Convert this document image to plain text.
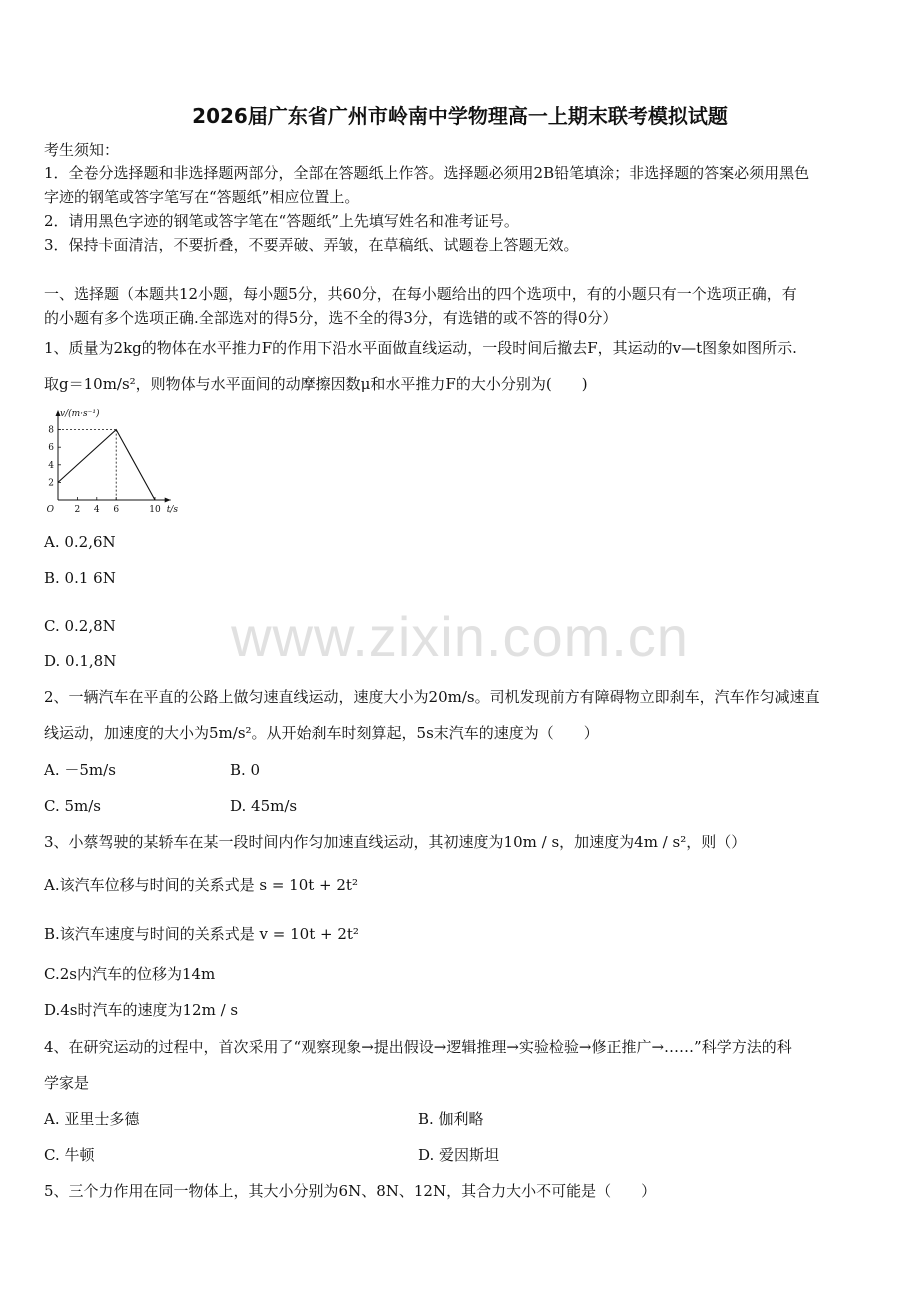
2026届广东省广州市岭南中学物理高一上期末联考模拟试题
考生须知：
1．全卷分选择题和非选择题两部分，全部在答题纸上作答。选择题必须用2B铅笔填涂；非选择题的答案必须用黑色
字迹的钢笔或答字笔写在“答题纸”相应位置上。
2．请用黑色字迹的钢笔或答字笔在“答题纸”上先填写姓名和准考证号。
3．保持卡面清洁，不要折叠，不要弄破、弄皱，在草稿纸、试题卷上答题无效。
一、选择题（本题共12小题，每小题5分，共60分，在每小题给出的四个选项中，有的小题只有一个选项正确，有
的小题有多个选项正确.全部选对的得5分，选不全的得3分，有选错的或不答的得0分）
1、质量为2kg的物体在水平推力F的作用下沿水平面做直线运动，一段时间后撤去F，其运动的v—t图象如图所示.
取g＝10m/s²，则物体与水平面间的动摩擦因数μ和水平推力F的大小分别为(　　)
2 4 6	10
2
4
6
8
O
v/(m·s⁻¹)
t/s
A. 0.2,6N
B. 0.1 6N
C. 0.2,8N
D. 0.1,8N	www.zixin.com.cn
2、一辆汽车在平直的公路上做匀速直线运动，速度大小为20m/s。司机发现前方有障碍物立即刹车，汽车作匀减速直
线运动，加速度的大小为5m/s²。从开始刹车时刻算起，5s末汽车的速度为（　　）
A. －5m/s	B. 0
C. 5m/s	D. 45m/s
3、小蔡驾驶的某轿车在某一段时间内作匀加速直线运动，其初速度为10m / s，加速度为4m / s²，则（）
A.该汽车位移与时间的关系式是 s = 10t + 2t²
B.该汽车速度与时间的关系式是 v = 10t + 2t²
C.2s内汽车的位移为14m
D.4s时汽车的速度为12m / s
4、在研究运动的过程中，首次采用了“观察现象→提出假设→逻辑推理→实验检验→修正推广→……”科学方法的科
学家是
A. 亚里士多德	B. 伽利略
C. 牛顿	D. 爱因斯坦
5、三个力作用在同一物体上，其大小分别为6N、8N、12N，其合力大小不可能是（　　）
